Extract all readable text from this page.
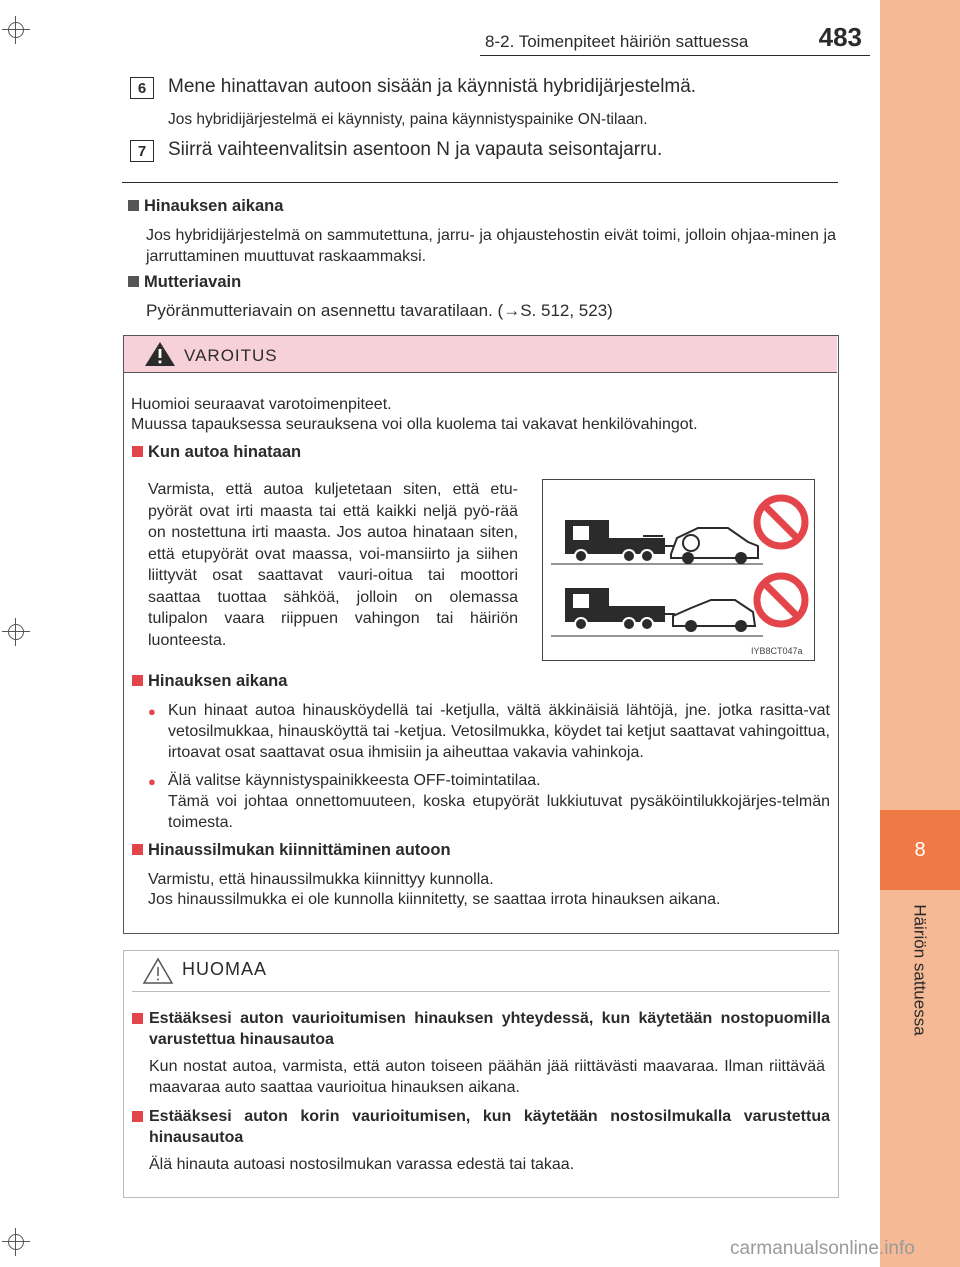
8
Häiriön sattuessa
8-2. Toimenpiteet häiriön sattuessa	483
6	Mene hinattavan autoon sisään ja käynnistä hybridijärjestelmä.
Jos hybridijärjestelmä ei käynnisty, paina käynnistyspainike ON-tilaan.
7	Siirrä vaihteenvalitsin asentoon N ja vapauta seisontajarru.
Hinauksen aikana
Jos hybridijärjestelmä on sammutettuna, jarru- ja ohjaustehostin eivät toimi, jolloin ohjaa-minen ja jarruttaminen muuttuvat raskaammaksi.
Mutteriavain
Pyöränmutteriavain on asennettu tavaratilaan. (→S. 512, 523)
VAROITUS
Huomioi seuraavat varotoimenpiteet.
Muussa tapauksessa seurauksena voi olla kuolema tai vakavat henkilövahingot.
Kun autoa hinataan
Varmista, että autoa kuljetetaan siten, että etu-pyörät ovat irti maasta tai että kaikki neljä pyö-rää on nostettuna irti maasta. Jos autoa hinataan siten, että etupyörät ovat maassa, voi-mansiirto ja siihen liittyvät osat saattavat vauri-oitua tai moottori saattaa tuottaa sähköä, jolloin on olemassa tulipalon vaara riippuen vahingon tai häiriön luonteesta.
IYB8CT047a
Hinauksen aikana
● Kun hinaat autoa hinausköydellä tai -ketjulla, vältä äkkinäisiä lähtöjä, jne. jotka rasitta-vat vetosilmukkaa, hinausköyttä tai -ketjua. Vetosilmukka, köydet tai ketjut saattavat vahingoittua, irtoavat osat saattavat osua ihmisiin ja aiheuttaa vakavia vahinkoja.
● Älä valitse käynnistyspainikkeesta OFF-toimintatilaa.
Tämä voi johtaa onnettomuuteen, koska etupyörät lukkiutuvat pysäköintilukkojärjes-telmän toimesta.
Hinaussilmukan kiinnittäminen autoon
Varmistu, että hinaussilmukka kiinnittyy kunnolla.
Jos hinaussilmukka ei ole kunnolla kiinnitetty, se saattaa irrota hinauksen aikana.
HUOMAA
Estääksesi auton vaurioitumisen hinauksen yhteydessä, kun käytetään nostopuomilla varustettua hinausautoa
Kun nostat autoa, varmista, että auton toiseen päähän jää riittävästi maavaraa. Ilman riittävää maavaraa auto saattaa vaurioitua hinauksen aikana.
Estääksesi auton korin vaurioitumisen, kun käytetään nostosilmukalla varustettua hinausautoa
Älä hinauta autoasi nostosilmukan varassa edestä tai takaa.
carmanualsonline.info
